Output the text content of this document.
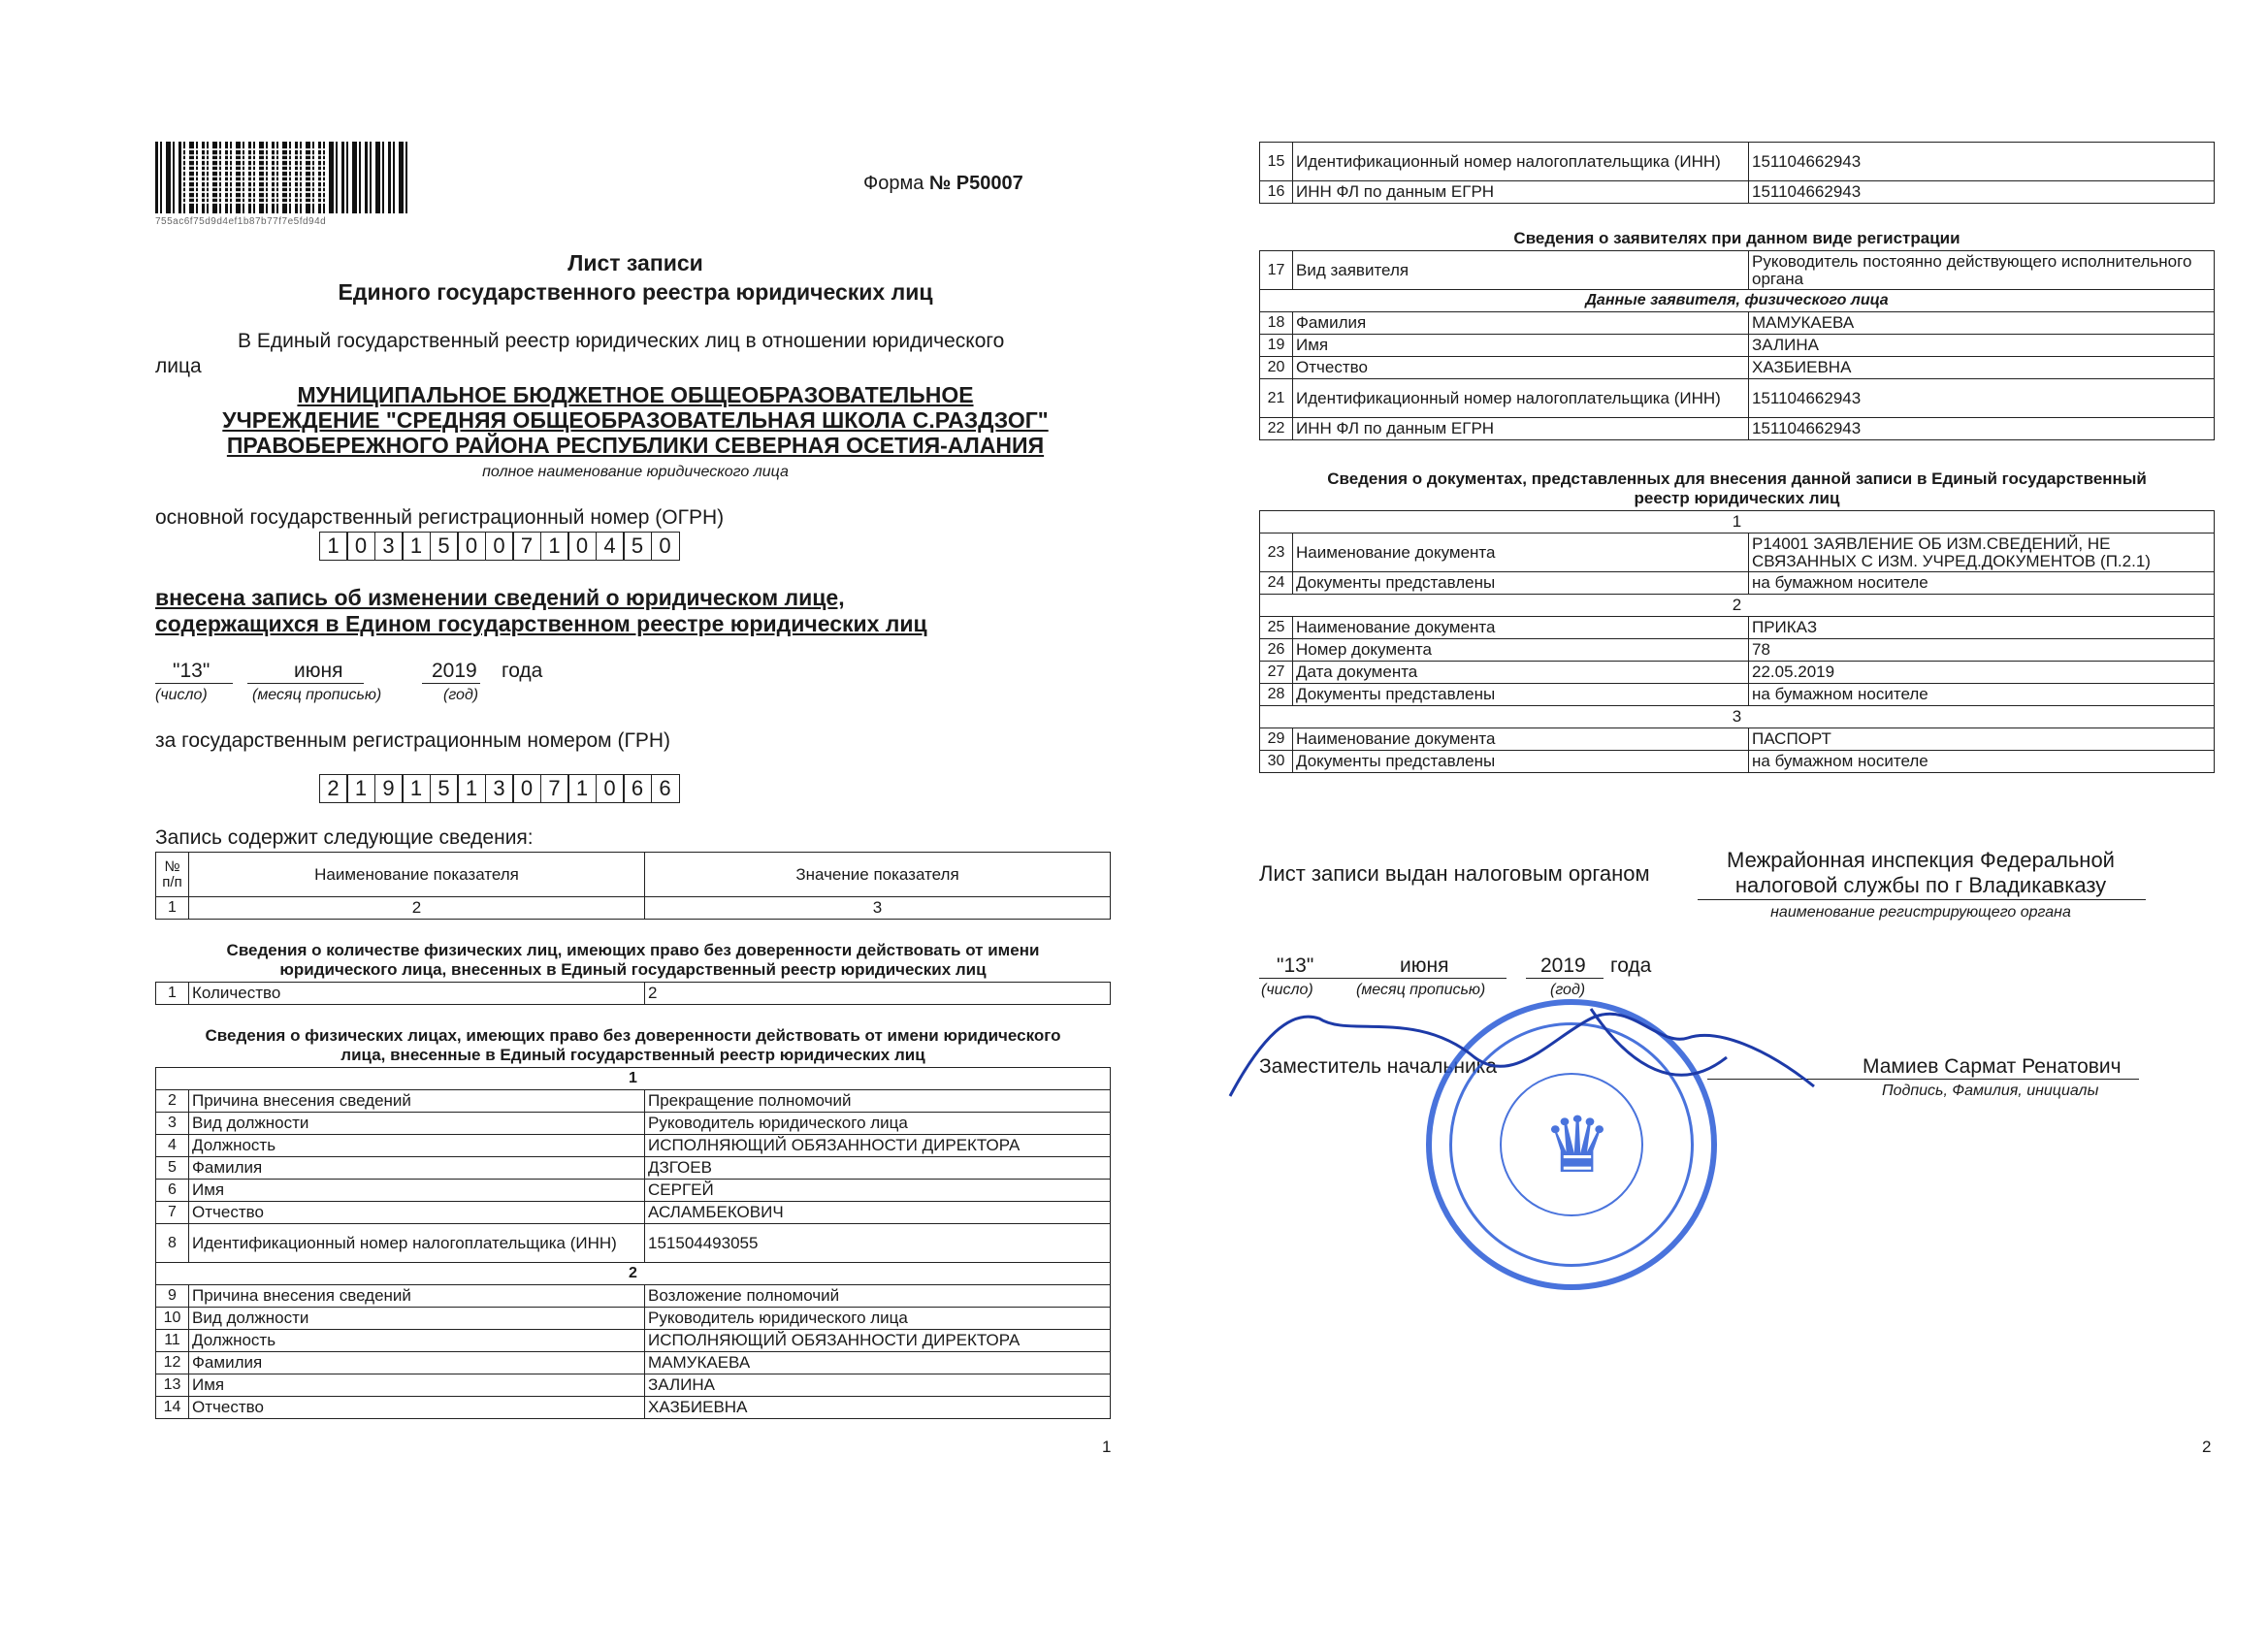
755ac6f75d9d4ef1b87b77f7e5fd94d
Форма № Р50007
Лист записи
Единого государственного реестра юридических лиц
В Единый государственный реестр юридических лиц в отношении юридического
лица
МУНИЦИПАЛЬНОЕ БЮДЖЕТНОЕ ОБЩЕОБРАЗОВАТЕЛЬНОЕ
УЧРЕЖДЕНИЕ "СРЕДНЯЯ ОБЩЕОБРАЗОВАТЕЛЬНАЯ ШКОЛА С.РАЗДЗОГ"
ПРАВОБЕРЕЖНОГО РАЙОНА РЕСПУБЛИКИ СЕВЕРНАЯ ОСЕТИЯ-АЛАНИЯ
полное наименование юридического лица
основной государственный регистрационный номер (ОГРН)
1 0 3 1 5 0 0 7 1 0 4 5 0
внесена запись об изменении сведений о юридическом лице,
содержащихся в Едином государственном реестре юридических лиц
"13"	июня	2019 года
(число)	(месяц прописью)	(год)
за государственным регистрационным номером (ГРН)
2 1 9 1 5 1 3 0 7 1 0 6 6
Запись содержит следующие сведения:
№ п/п	Наименование показателя	Значение показателя
1	2	3
Сведения о количестве физических лиц, имеющих право без доверенности действовать от имени
юридического лица, внесенных в Единый государственный реестр юридических лиц
1	Количество	2
Сведения о физических лицах, имеющих право без доверенности действовать от имени юридического
лица, внесенные в Единый государственный реестр юридических лиц
1		
2	Причина внесения сведений	Прекращение полномочий
3	Вид должности	Руководитель юридического лица
4	Должность	ИСПОЛНЯЮЩИЙ ОБЯЗАННОСТИ ДИРЕКТОРА
5	Фамилия	ДЗГОЕВ
6	Имя	СЕРГЕЙ
7	Отчество	АСЛАМБЕКОВИЧ
8	Идентификационный номер налогоплательщика (ИНН)	151504493055
2		
9	Причина внесения сведений	Возложение полномочий
10	Вид должности	Руководитель юридического лица
11	Должность	ИСПОЛНЯЮЩИЙ ОБЯЗАННОСТИ ДИРЕКТОРА
12	Фамилия	МАМУКАЕВА
13	Имя	ЗАЛИНА
14	Отчество	ХАЗБИЕВНА
1
15	Идентификационный номер налогоплательщика (ИНН)	151104662943
16	ИНН ФЛ по данным ЕГРН	151104662943
Сведения о заявителях при данном виде регистрации
17	Вид заявителя	Руководитель постоянно действующего исполнительного органа
Данные заявителя, физического лица		
18	Фамилия	МАМУКАЕВА
19	Имя	ЗАЛИНА
20	Отчество	ХАЗБИЕВНА
21	Идентификационный номер налогоплательщика (ИНН)	151104662943
22	ИНН ФЛ по данным ЕГРН	151104662943
Сведения о документах, представленных для внесения данной записи в Единый государственный
реестр юридических лиц
1		
23	Наименование документа	Р14001 ЗАЯВЛЕНИЕ ОБ ИЗМ.СВЕДЕНИЙ, НЕ СВЯЗАННЫХ С ИЗМ. УЧРЕД.ДОКУМЕНТОВ (П.2.1)
24	Документы представлены	на бумажном носителе
2		
25	Наименование документа	ПРИКАЗ
26	Номер документа	78
27	Дата документа	22.05.2019
28	Документы представлены	на бумажном носителе
3		
29	Наименование документа	ПАСПОРТ
30	Документы представлены	на бумажном носителе
Лист записи выдан налоговым органом
Межрайонная инспекция Федеральной
налоговой службы по г Владикавказу
наименование регистрирующего органа
"13"	июня	2019 года
(число)	(месяц прописью)	(год)
Заместитель начальника	Мамиев Сармат Ренатович
Подпись, Фамилия, инициалы
♛
2
